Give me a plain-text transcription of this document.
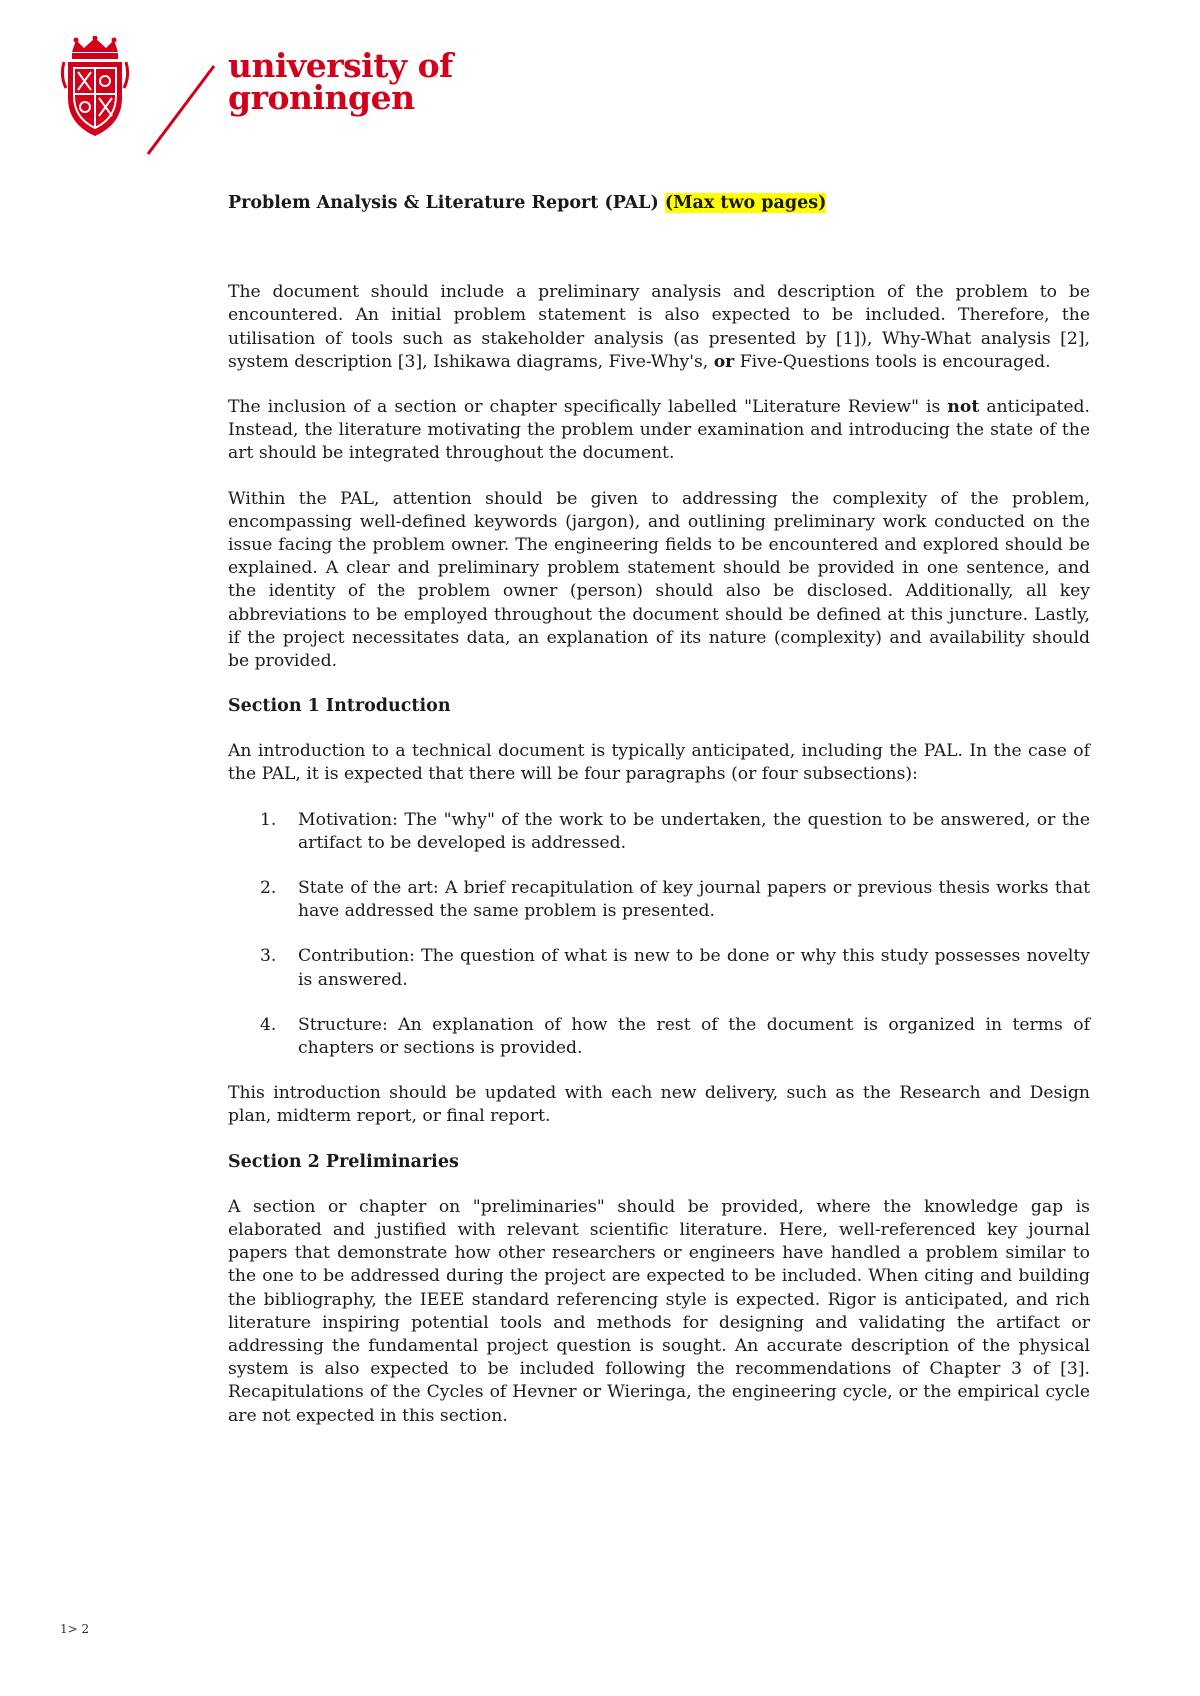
university of
groningen
Problem Analysis & Literature Report (PAL) (Max two pages)

The document should include a preliminary analysis and description of the problem to be encountered. An initial problem statement is also expected to be included. Therefore, the utilisation of tools such as stakeholder analysis (as presented by [1]), Why-What analysis [2], system description [3], Ishikawa diagrams, Five-Why's, or Five-Questions tools is encouraged.

The inclusion of a section or chapter specifically labelled "Literature Review" is not anticipated. Instead, the literature motivating the problem under examination and introducing the state of the art should be integrated throughout the document.

Within the PAL, attention should be given to addressing the complexity of the problem, encompassing well-defined keywords (jargon), and outlining preliminary work conducted on the issue facing the problem owner. The engineering fields to be encountered and explored should be explained. A clear and preliminary problem statement should be provided in one sentence, and the identity of the problem owner (person) should also be disclosed. Additionally, all key abbreviations to be employed throughout the document should be defined at this juncture. Lastly, if the project necessitates data, an explanation of its nature (complexity) and availability should be provided.

Section 1 Introduction

An introduction to a technical document is typically anticipated, including the PAL. In the case of the PAL, it is expected that there will be four paragraphs (or four subsections):

1. Motivation: The "why" of the work to be undertaken, the question to be answered, or the artifact to be developed is addressed.
2. State of the art: A brief recapitulation of key journal papers or previous thesis works that have addressed the same problem is presented.
3. Contribution: The question of what is new to be done or why this study possesses novelty is answered.
4. Structure: An explanation of how the rest of the document is organized in terms of chapters or sections is provided.

This introduction should be updated with each new delivery, such as the Research and Design plan, midterm report, or final report.

Section 2 Preliminaries

A section or chapter on "preliminaries" should be provided, where the knowledge gap is elaborated and justified with relevant scientific literature. Here, well-referenced key journal papers that demonstrate how other researchers or engineers have handled a problem similar to the one to be addressed during the project are expected to be included. When citing and building the bibliography, the IEEE standard referencing style is expected. Rigor is anticipated, and rich literature inspiring potential tools and methods for designing and validating the artifact or addressing the fundamental project question is sought. An accurate description of the physical system is also expected to be included following the recommendations of Chapter 3 of [3]. Recapitulations of the Cycles of Hevner or Wieringa, the engineering cycle, or the empirical cycle are not expected in this section.

1> 2
